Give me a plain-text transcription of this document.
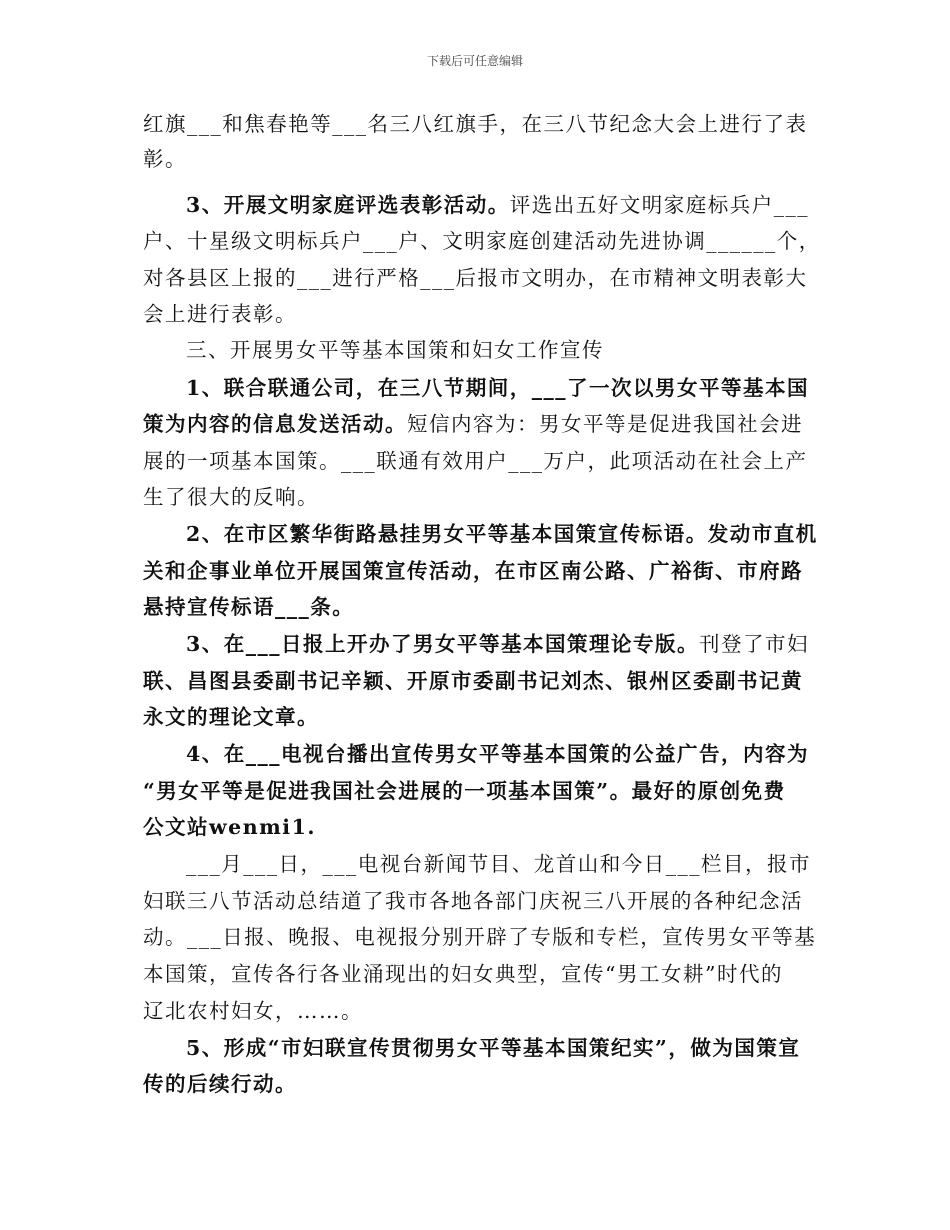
下载后可任意编辑
红旗___和焦春艳等___名三八红旗手，在三八节纪念大会上进行了表
彰。
3、开展文明家庭评选表彰活动。评选出五好文明家庭标兵户___
户、十星级文明标兵户___户、文明家庭创建活动先进协调______个，
对各县区上报的___进行严格___后报市文明办，在市精神文明表彰大
会上进行表彰。
三、开展男女平等基本国策和妇女工作宣传
1、联合联通公司，在三八节期间，___了一次以男女平等基本国
策为内容的信息发送活动。短信内容为：男女平等是促进我国社会进
展的一项基本国策。___联通有效用户___万户，此项活动在社会上产
生了很大的反响。
2、在市区繁华街路悬挂男女平等基本国策宣传标语。发动市直机
关和企事业单位开展国策宣传活动，在市区南公路、广裕街、市府路
悬持宣传标语___条。
3、在___日报上开办了男女平等基本国策理论专版。刊登了市妇
联、昌图县委副书记辛颖、开原市委副书记刘杰、银州区委副书记黄
永文的理论文章。
4、在___电视台播出宣传男女平等基本国策的公益广告，内容为
“男女平等是促进我国社会进展的一项基本国策”。最好的原创免费
公文站wenmi1.
___月___日，___电视台新闻节目、龙首山和今日___栏目，报市
妇联三八节活动总结道了我市各地各部门庆祝三八开展的各种纪念活
动。___日报、晚报、电视报分别开辟了专版和专栏，宣传男女平等基
本国策，宣传各行各业涌现出的妇女典型，宣传“男工女耕”时代的
辽北农村妇女，……。
5、形成“市妇联宣传贯彻男女平等基本国策纪实”，做为国策宣
传的后续行动。
